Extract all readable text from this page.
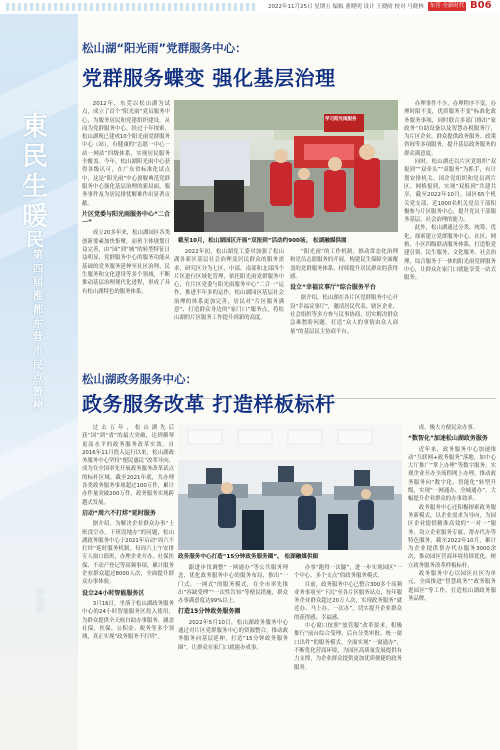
2022年11月25日 星期五 编辑 董晓明 设计 王晓晴 校对 马晓林 东营·全新时代 B06
東
民
生
暖
民
第四届淮都东营市民点赞榜
之案例
松山湖“阳光雨”党群服务中心：
党群服务蝶变 强化基层治理

2012年，东莞以松山湖为试点，成立了首个“阳光雨”党员服务中心，为服务居民和党建组织建设，从而为党群服务中心，经过十年探索，松山湖现已建成10个阳光雨党群服务中心（站），有健康的“志愿一中心一站一网站”四级体系，实现居民服务全覆盖。今年，松山湖阳光雨中心获得各级认可，在广东省标准化试点中，这是“阳光雨”中心旗舰典范党群服务中心强化基层治理的新局面，服务事件及为居民排忧解难作出显著贡献。

片区党委与阳光雨服务中心“二合一”

成立20多年来，松山湖园区各类创新要素加快集聚，而班主体规划日益完善，由“园”到“城”的转型特征日益明显，党群服务中心的服务功能从基础的党务服务延伸至社区治理、民生服务和文化建设等多个领域，不断推动基层治理现代化进程，形成了具有松山湖特色的服务体系。

学习阳光雨服务
截至10月，松山湖园区开展“双报到”活动约900场。 松湖融媒供图

2022年初，松山湖党工委对加强了松山湖各新区基层社会治理及居民群众的服务需求，研究区分为七区、中部、南部和北部四个片区进行区域化管理，依托阳光雨党群服务中心，在片区党委与阳光雨服务中心“二合一”运作，推进半年多的运作，松山湖园区基层社会治理的体系更加完善，居民对“片区服务满意”，打造群众身边的“家门口”服务点，将松山湖的片区服务工作提升到新的高度。

“阳光雨”的工作机制，推动常态化治理和党员志愿服务的开展，构建民生保障全面覆盖的党群服务体系，持续提升居民群众的获得感。

设立“幸福议事厅”综合服务平台

据介绍，松山湖在各片区党群服务中心开设“幸福议事厅”，邀请居民代表、辖区企业、社会组织等多方参与议事协商，切实解决群众急难愁盼问题，打造“众人的事情由众人商量”的基层民主协商平台。

办理事件不少，办理程序不变，办理时限不变，优质服务不变”标准化政务服务事项，同时联合多部门推出“家政务”自助设备以及智慧办税服务厅，为片区企业、群众提供政务服务、政策咨询等多项服务，提升基层政务服务的群众满意度。

同时，松山湖还以片区党组织“双报到”“双牵头”“双服务”为抓手，有计划安排机关、国企党组织和党员到片区、网格报到，实现“双报到”共建共享，截至2022年10月，园区65个机关党支部、近1000名机关党员干部积极参与片区服务中心，提升党员干部服务基层、社会治理的能力。

此外，松山湖通过分类、统筹、优化，探索建立党群服务中心、社区、网格、小区四级联动服务体系，打造集党建引领、民生服务、文化服务、社会治理、综合服务于一体的阳光雨党群服务中心，让群众在家门口就能享受一站式服务。

松山湖政务服务中心：
政务服务改革 打造样板标杆

过去五年，松山湖先后获“国”到“省”的最大突破，达到横琴更高水平的政务服务改革实效。自2016年11月投入运行以来，松山湖政务服务中心坚持“便民惠民”改革导向，成为在全国率先开展政务服务改革试点的标杆区域，截至2021年底，共办理各类政务服务事项超过100万件，累计办件量突破200万件，政务服务实现跨越式发展。

启动“周六不打烊”延时服务

据介绍，为解决企业群众办事“上班没空办，下班没地办”的问题，松山湖政务服务中心于2021年启动“周六不打烊”延时服务机制，每周六上午安排专人窗口值班，办理企业开办、社保医保、不动产登记等高频事项，累计服务企业群众超过8000人次，全面提升群众办事体验。

设立24小时智能服务区

3月16日，坐落于松山湖政务服务中心的24小时智能服务区投入使用，为群众提供全天候自助办事服务，涵盖社保、医保、公积金、税务等多个领域，真正实现“政务服务不打烊”。

政务服务中心打造“15分钟政务服务圈”。 松湖融媒供图

跟进步伐调整“一网通办”等公共服务理念，优化政务服务中心的服务布局，推出“一门式、一网式”的服务模式，在全市率先推出“容缺受理”“一次性告知”等便民措施，群众办事满意度达99%以上。

打造15分钟政务服务圈

2022年5月10日，松山湖政务服务中心通过对片区党群服务中心的资源整合，推动政务服务向基层延伸，打造“15分钟政务服务圈”，让群众在家门口就能办成事。

办事“跑得一次腿”，进一步实现园区“一个中心、多个支点”的政务服务模式。

目前，政务服务中心已整合300多个高频业务事项至“下沉”至各片区服务站点，每年服务企业群众超过20万人次，实现政务服务“就近办、马上办、一次办”，切实提升企业群众的获得感、幸福感。

中心窗口按照“放管服”改革要求，积极推行“前台综合受理、后台分类审批、统一窗口出件”的服务模式，全面实现“一窗通办”，不断优化营商环境，为园区高质量发展提供有力支撑，为企业群众提供更加优质便捷的政务服务。

成，极大方便民众办事。

“数智化”加速松山湖政务服务

近年来，政务服务中心加速推动“互联网+政务服务”落地，如中心大厅推广“掌上办理”等数字服务，实现企业开办全流程网上办理，推动政务服务向“数字化、智能化”转型升级，实现“一网通办、全城通办”，大幅提升企业群众的办事效率。

政务服务中心还积极探索政务服务新模式，以企业需求为导向，为园区企业提供精准高效的“一对一”服务，设立企业服务专窗、帮办代办等特色服务，截至2022年10月，累计为企业提供帮办代办服务3000余次，推动园区营商环境持续优化，树立政务服务改革样板标杆。

政务服务中心以园区社区为单元，全面推进“智慧政务”“政务服务进园区”等工作，打造松山湖政务服务品牌。
